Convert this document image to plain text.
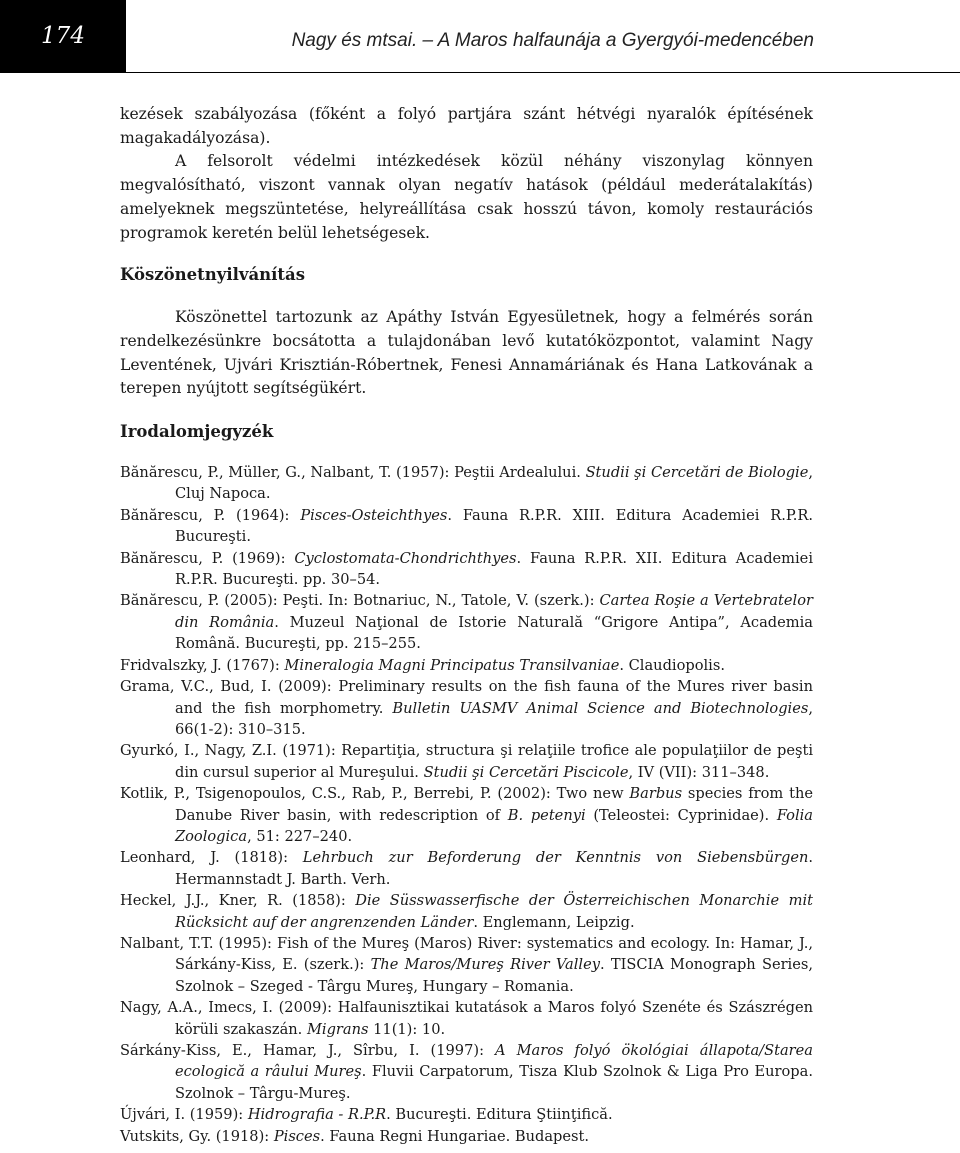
174	Nagy és mtsai. – A Maros halfaunája a Gyergyói-medencében

kezések szabályozása (főként a folyó partjára szánt hétvégi nyaralók építésének magakadályozása).

A felsorolt védelmi intézkedések közül néhány viszonylag könnyen megvalósítható, viszont vannak olyan negatív hatások (például mederátalakítás) amelyeknek megszüntetése, helyreállítása csak hosszú távon, komoly restaurációs programok keretén belül lehetségesek.

Köszönetnyilvánítás

Köszönettel tartozunk az Apáthy István Egyesületnek, hogy a felmérés során rendelkezésünkre bocsátotta a tulajdonában levő kutatóközpontot, valamint Nagy Leventének, Ujvári Krisztián-Róbertnek, Fenesi Annamáriának és Hana Latkovának a terepen nyújtott segítségükért.

Irodalomjegyzék

Bănărescu, P., Müller, G., Nalbant, T. (1957): Peştii Ardealului. Studii şi Cercetări de Biologie, Cluj Napoca.

Bănărescu, P. (1964): Pisces-Osteichthyes. Fauna R.P.R. XIII. Editura Academiei R.P.R. Bucureşti.

Bănărescu, P. (1969): Cyclostomata-Chondrichthyes. Fauna R.P.R. XII. Editura Academiei R.P.R. Bucureşti. pp. 30–54.

Bănărescu, P. (2005): Peşti. In: Botnariuc, N., Tatole, V. (szerk.): Cartea Roşie a Vertebratelor din România. Muzeul Naţional de Istorie Naturală “Grigore Antipa”, Academia Română. Bucureşti, pp. 215–255.

Fridvalszky, J. (1767): Mineralogia Magni Principatus Transilvaniae. Claudiopolis.

Grama, V.C., Bud, I. (2009): Preliminary results on the fish fauna of the Mures river basin and the fish morphometry. Bulletin UASMV Animal Science and Biotechnologies, 66(1-2): 310–315.

Gyurkó, I., Nagy, Z.I. (1971): Repartiţia, structura şi relaţiile trofice ale populaţiilor de peşti din cursul superior al Mureşului. Studii şi Cercetări Piscicole, IV (VII): 311–348.

Kotlik, P., Tsigenopoulos, C.S., Rab, P., Berrebi, P. (2002): Two new Barbus species from the Danube River basin, with redescription of B. petenyi (Teleostei: Cyprinidae). Folia Zoologica, 51: 227–240.

Leonhard, J. (1818): Lehrbuch zur Beforderung der Kenntnis von Siebensbürgen. Hermannstadt J. Barth. Verh.

Heckel, J.J., Kner, R. (1858): Die Süsswasserfische der Österreichischen Monarchie mit Rücksicht auf der angrenzenden Länder. Englemann, Leipzig.

Nalbant, T.T. (1995): Fish of the Mureş (Maros) River: systematics and ecology. In: Hamar, J., Sárkány-Kiss, E. (szerk.): The Maros/Mureş River Valley. TISCIA Monograph Series, Szolnok – Szeged - Târgu Mureş, Hungary – Romania.

Nagy, A.A., Imecs, I. (2009): Halfaunisztikai kutatások a Maros folyó Szenéte és Szászrégen körüli szakaszán. Migrans 11(1): 10.

Sárkány-Kiss, E., Hamar, J., Sîrbu, I. (1997): A Maros folyó ökológiai állapota/Starea ecologică a râului Mureş. Fluvii Carpatorum, Tisza Klub Szolnok & Liga Pro Europa. Szolnok – Târgu-Mureş.

Újvári, I. (1959): Hidrografia - R.P.R. Bucureşti. Editura Ştiinţifică.

Vutskits, Gy. (1918): Pisces. Fauna Regni Hungariae. Budapest.
